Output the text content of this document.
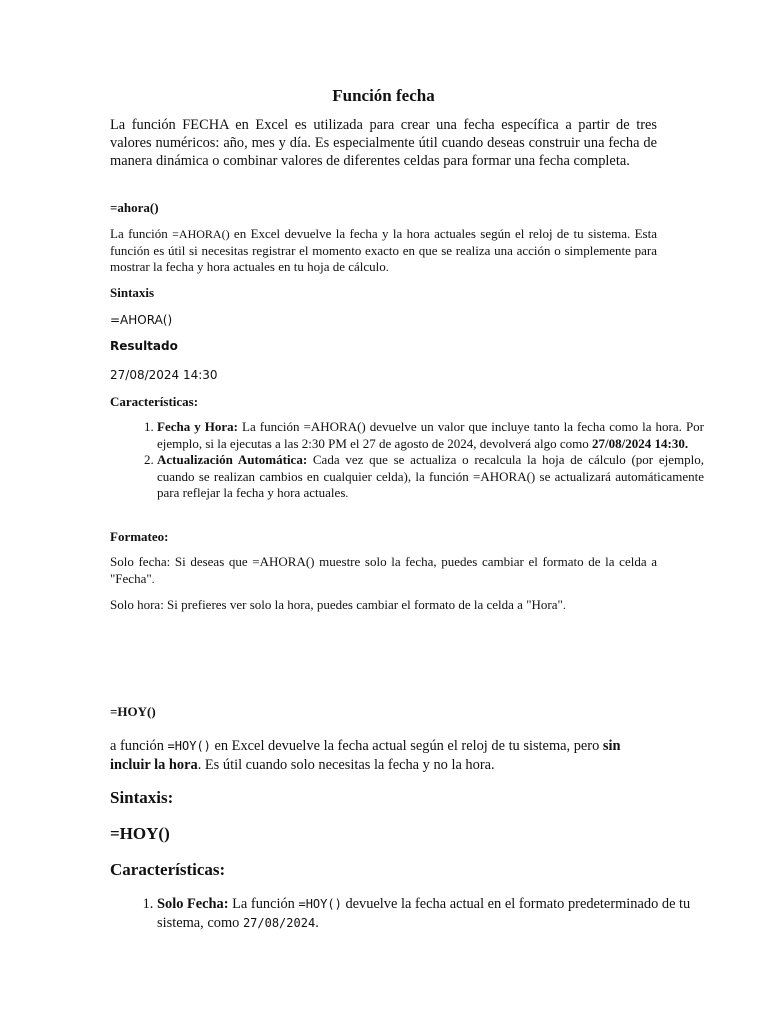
Función fecha

La función FECHA en Excel es utilizada para crear una fecha específica a partir de tres valores numéricos: año, mes y día. Es especialmente útil cuando deseas construir una fecha de manera dinámica o combinar valores de diferentes celdas para formar una fecha completa.

=ahora()

La función =AHORA() en Excel devuelve la fecha y la hora actuales según el reloj de tu sistema. Esta función es útil si necesitas registrar el momento exacto en que se realiza una acción o simplemente para mostrar la fecha y hora actuales en tu hoja de cálculo.

Sintaxis

=AHORA()

Resultado

27/08/2024 14:30

Características:

1. Fecha y Hora: La función =AHORA() devuelve un valor que incluye tanto la fecha como la hora. Por ejemplo, si la ejecutas a las 2:30 PM el 27 de agosto de 2024, devolverá algo como 27/08/2024 14:30.
2. Actualización Automática: Cada vez que se actualiza o recalcula la hoja de cálculo (por ejemplo, cuando se realizan cambios en cualquier celda), la función =AHORA() se actualizará automáticamente para reflejar la fecha y hora actuales.

Formateo:

Solo fecha: Si deseas que =AHORA() muestre solo la fecha, puedes cambiar el formato de la celda a "Fecha".

Solo hora: Si prefieres ver solo la hora, puedes cambiar el formato de la celda a "Hora".

=HOY()

a función =HOY() en Excel devuelve la fecha actual según el reloj de tu sistema, pero sin incluir la hora. Es útil cuando solo necesitas la fecha y no la hora.

Sintaxis:

=HOY()

Características:

1. Solo Fecha: La función =HOY() devuelve la fecha actual en el formato predeterminado de tu sistema, como 27/08/2024.
